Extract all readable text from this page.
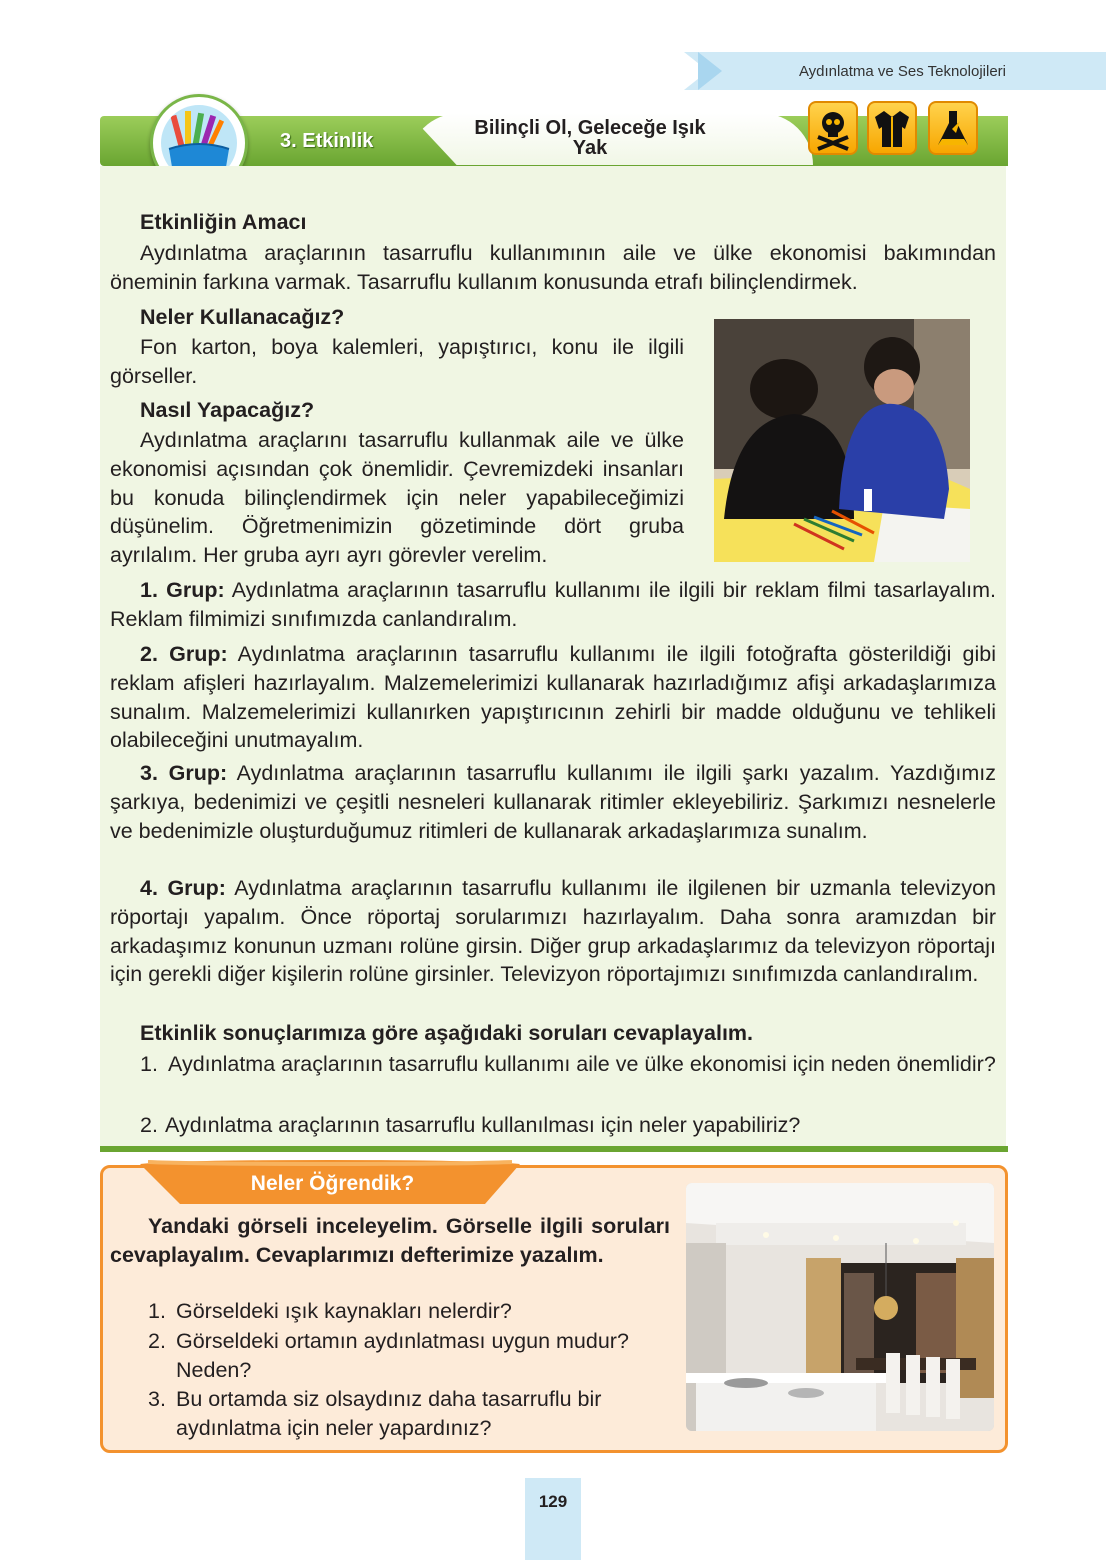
Aydınlatma ve Ses Teknolojileri
3. Etkinlik
Bilinçli Ol, Geleceğe Işık Yak
Etkinliğin Amacı
Aydınlatma araçlarının tasarruflu kullanımının aile ve ülke ekonomisi bakımından öneminin farkına varmak. Tasarruflu kullanım konusunda etrafı bilinçlendirmek.
Neler Kullanacağız?
Fon karton, boya kalemleri, yapıştırıcı, konu ile ilgili görseller.
Nasıl Yapacağız?
Aydınlatma araçlarını tasarruflu kullanmak aile ve ülke ekonomisi açısından çok önemlidir. Çevremizdeki insanları bu konuda bilinçlendirmek için neler yapabileceğimizi düşünelim. Öğretmenimizin gözetiminde dört gruba ayrılalım. Her gruba ayrı ayrı görevler verelim.
1. Grup: Aydınlatma araçlarının tasarruflu kullanımı ile ilgili bir reklam filmi tasarlayalım. Reklam filmimizi sınıfımızda canlandıralım.
2. Grup: Aydınlatma araçlarının tasarruflu kullanımı ile ilgili fotoğrafta gösterildiği gibi reklam afişleri hazırlayalım. Malzemelerimizi kullanarak hazırladığımız afişi arkadaşlarımıza sunalım. Malzemelerimizi kullanırken yapıştırıcının zehirli bir madde olduğunu ve tehlikeli olabileceğini unutmayalım.
3. Grup: Aydınlatma araçlarının tasarruflu kullanımı ile ilgili şarkı yazalım. Yazdığımız şarkıya, bedenimizi ve çeşitli nesneleri kullanarak ritimler ekleyebiliriz. Şarkımızı nesnelerle ve bedenimizle oluşturduğumuz ritimleri de kullanarak arkadaşlarımıza sunalım.
4. Grup: Aydınlatma araçlarının tasarruflu kullanımı ile ilgilenen bir uzmanla televizyon röportajı yapalım. Önce röportaj sorularımızı hazırlayalım. Daha sonra aramızdan bir arkadaşımız konunun uzmanı rolüne girsin. Diğer grup arkadaşlarımız da televizyon röportajı için gerekli diğer kişilerin rolüne girsinler. Televizyon röportajımızı sınıfımızda canlandıralım.
Etkinlik sonuçlarımıza göre aşağıdaki soruları cevaplayalım.
1. Aydınlatma araçlarının tasarruflu kullanımı aile ve ülke ekonomisi için neden önemlidir?
2. Aydınlatma araçlarının tasarruflu kullanılması için neler yapabiliriz?
Neler Öğrendik?
Yandaki görseli inceleyelim. Görselle ilgili soruları cevaplayalım. Cevaplarımızı defterimize yazalım.
1. Görseldeki ışık kaynakları nelerdir?
2. Görseldeki ortamın aydınlatması uygun mudur? Neden?
3. Bu ortamda siz olsaydınız daha tasarruflu bir aydınlatma için neler yapardınız?
129
